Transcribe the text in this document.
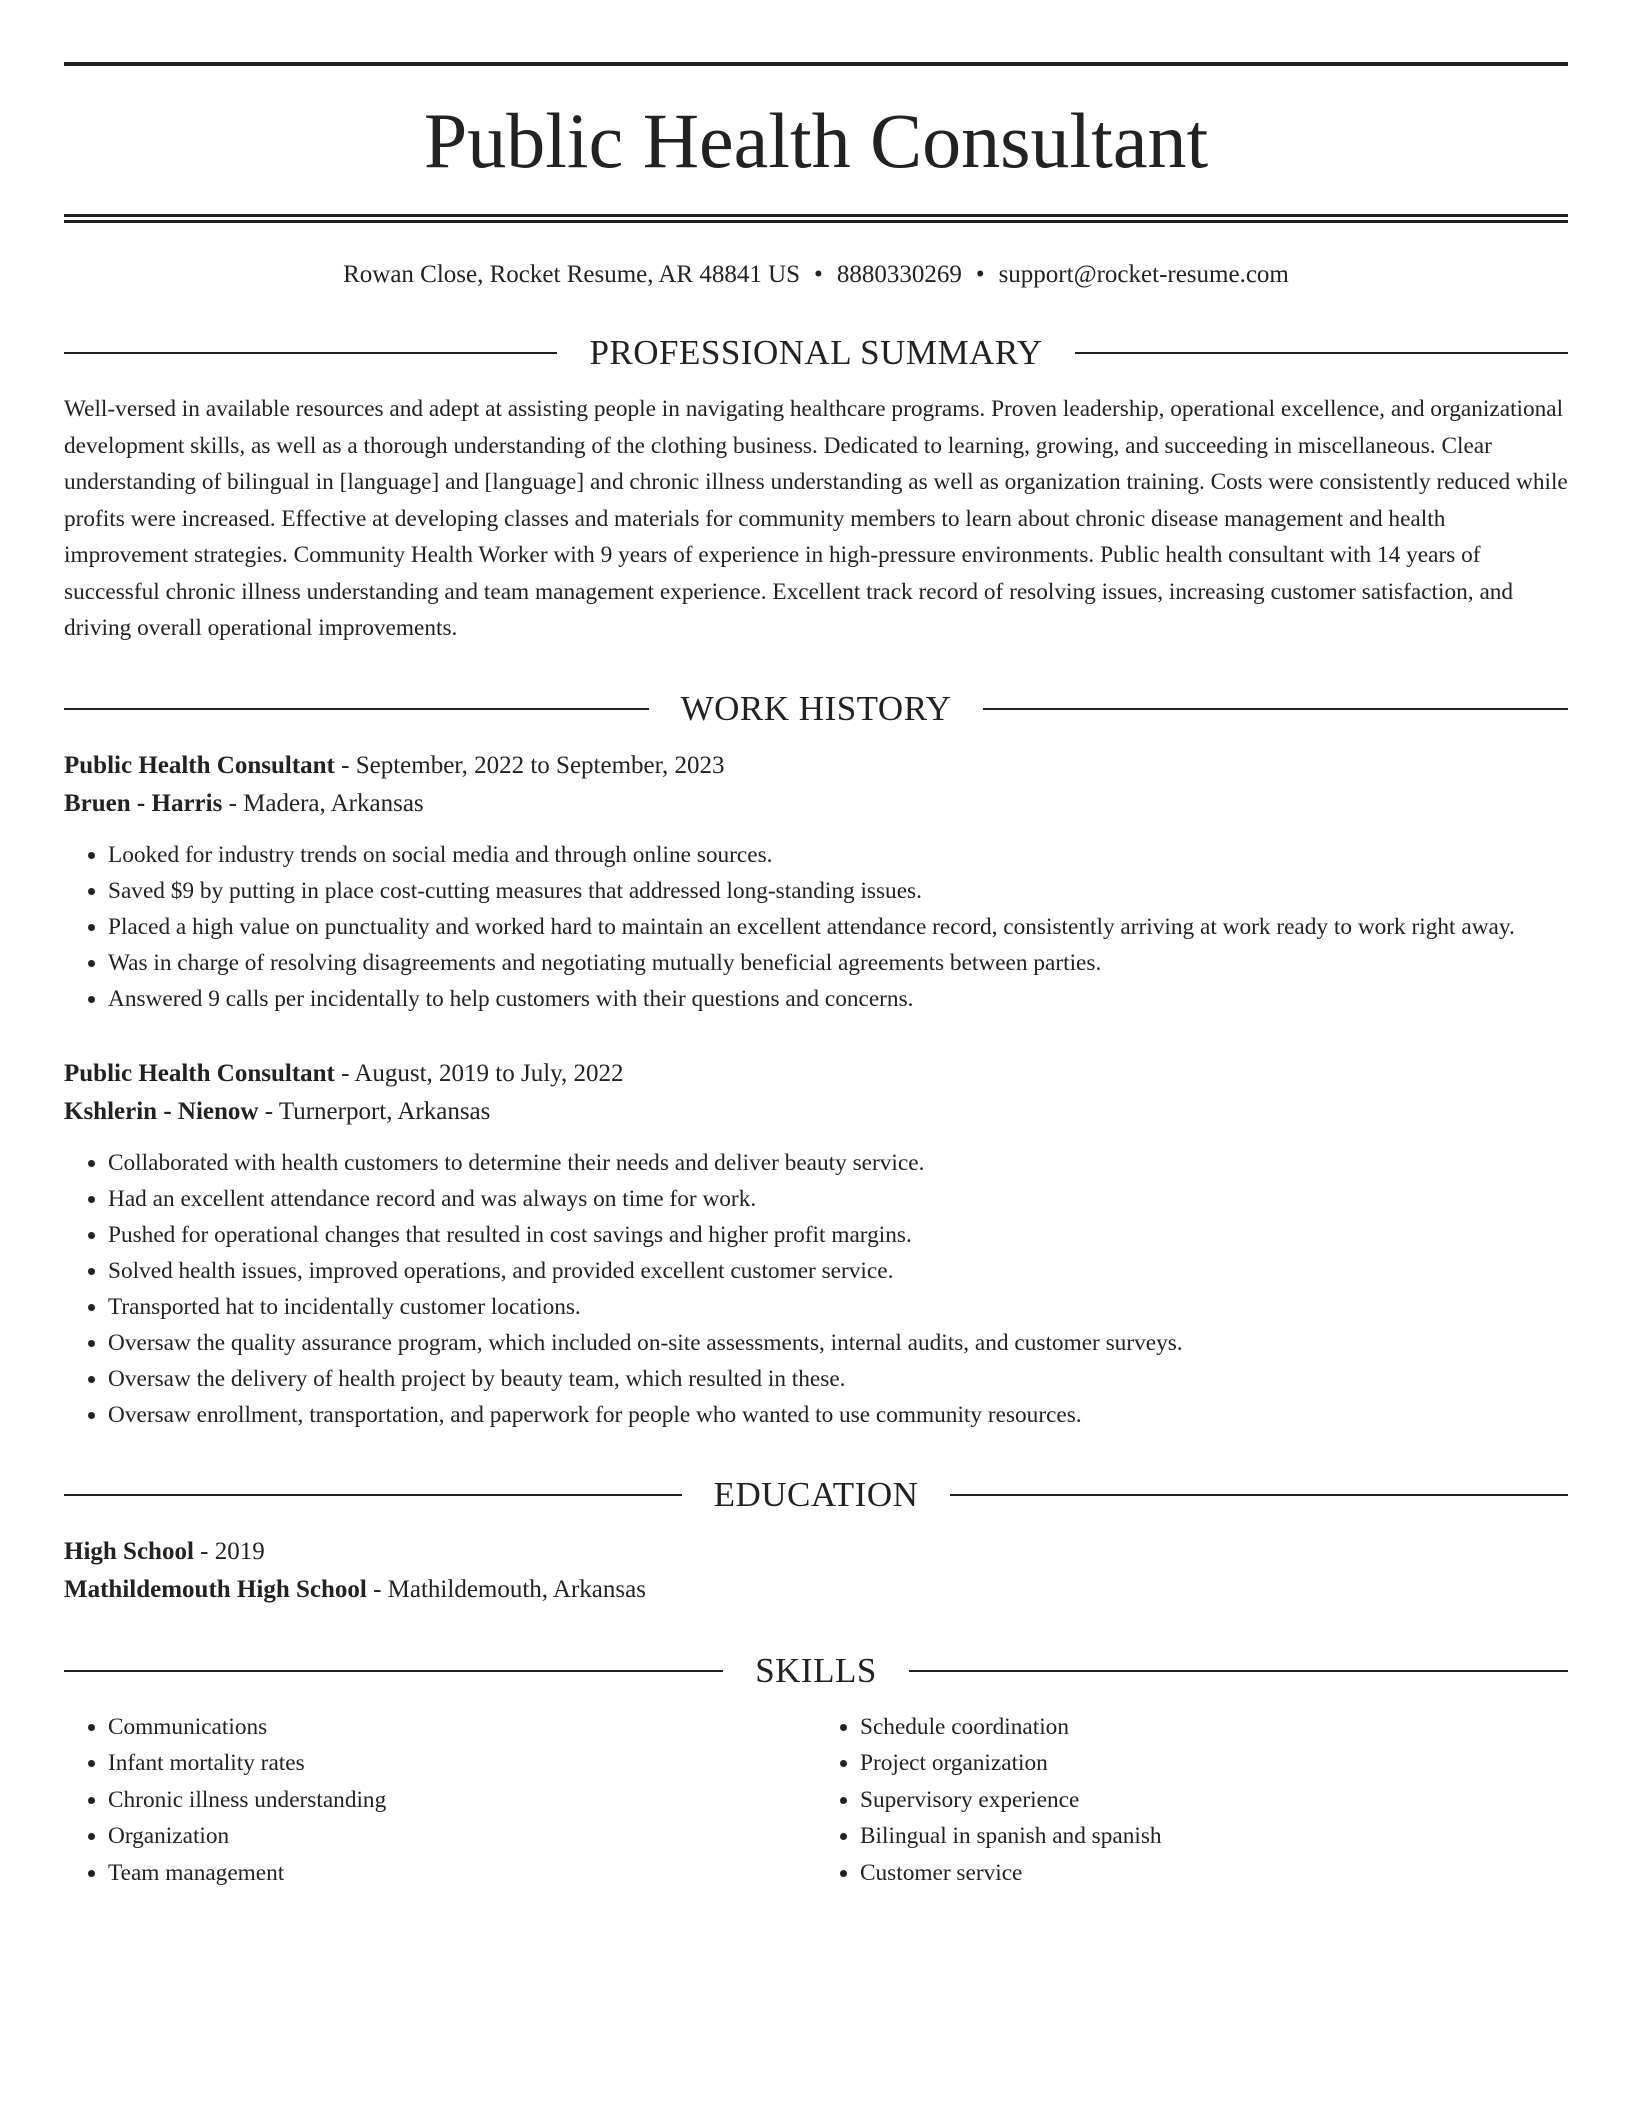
Public Health Consultant
Rowan Close, Rocket Resume, AR 48841 US • 8880330269 • support@rocket-resume.com
PROFESSIONAL SUMMARY

Well-versed in available resources and adept at assisting people in navigating healthcare programs. Proven leadership, operational excellence, and organizational development skills, as well as a thorough understanding of the clothing business. Dedicated to learning, growing, and succeeding in miscellaneous. Clear understanding of bilingual in [language] and [language] and chronic illness understanding as well as organization training. Costs were consistently reduced while profits were increased. Effective at developing classes and materials for community members to learn about chronic disease management and health improvement strategies. Community Health Worker with 9 years of experience in high-pressure environments. Public health consultant with 14 years of successful chronic illness understanding and team management experience. Excellent track record of resolving issues, increasing customer satisfaction, and driving overall operational improvements.

WORK HISTORY
Public Health Consultant - September, 2022 to September, 2023
Bruen - Harris - Madera, Arkansas
• Looked for industry trends on social media and through online sources.
• Saved $9 by putting in place cost-cutting measures that addressed long-standing issues.
• Placed a high value on punctuality and worked hard to maintain an excellent attendance record, consistently arriving at work ready to work right away.
• Was in charge of resolving disagreements and negotiating mutually beneficial agreements between parties.
• Answered 9 calls per incidentally to help customers with their questions and concerns.
Public Health Consultant - August, 2019 to July, 2022
Kshlerin - Nienow - Turnerport, Arkansas
• Collaborated with health customers to determine their needs and deliver beauty service.
• Had an excellent attendance record and was always on time for work.
• Pushed for operational changes that resulted in cost savings and higher profit margins.
• Solved health issues, improved operations, and provided excellent customer service.
• Transported hat to incidentally customer locations.
• Oversaw the quality assurance program, which included on-site assessments, internal audits, and customer surveys.
• Oversaw the delivery of health project by beauty team, which resulted in these.
• Oversaw enrollment, transportation, and paperwork for people who wanted to use community resources.
EDUCATION
High School - 2019
Mathildemouth High School - Mathildemouth, Arkansas
SKILLS
• Communications
• Infant mortality rates
• Chronic illness understanding
• Organization
• Team management
• Schedule coordination
• Project organization
• Supervisory experience
• Bilingual in spanish and spanish
• Customer service
